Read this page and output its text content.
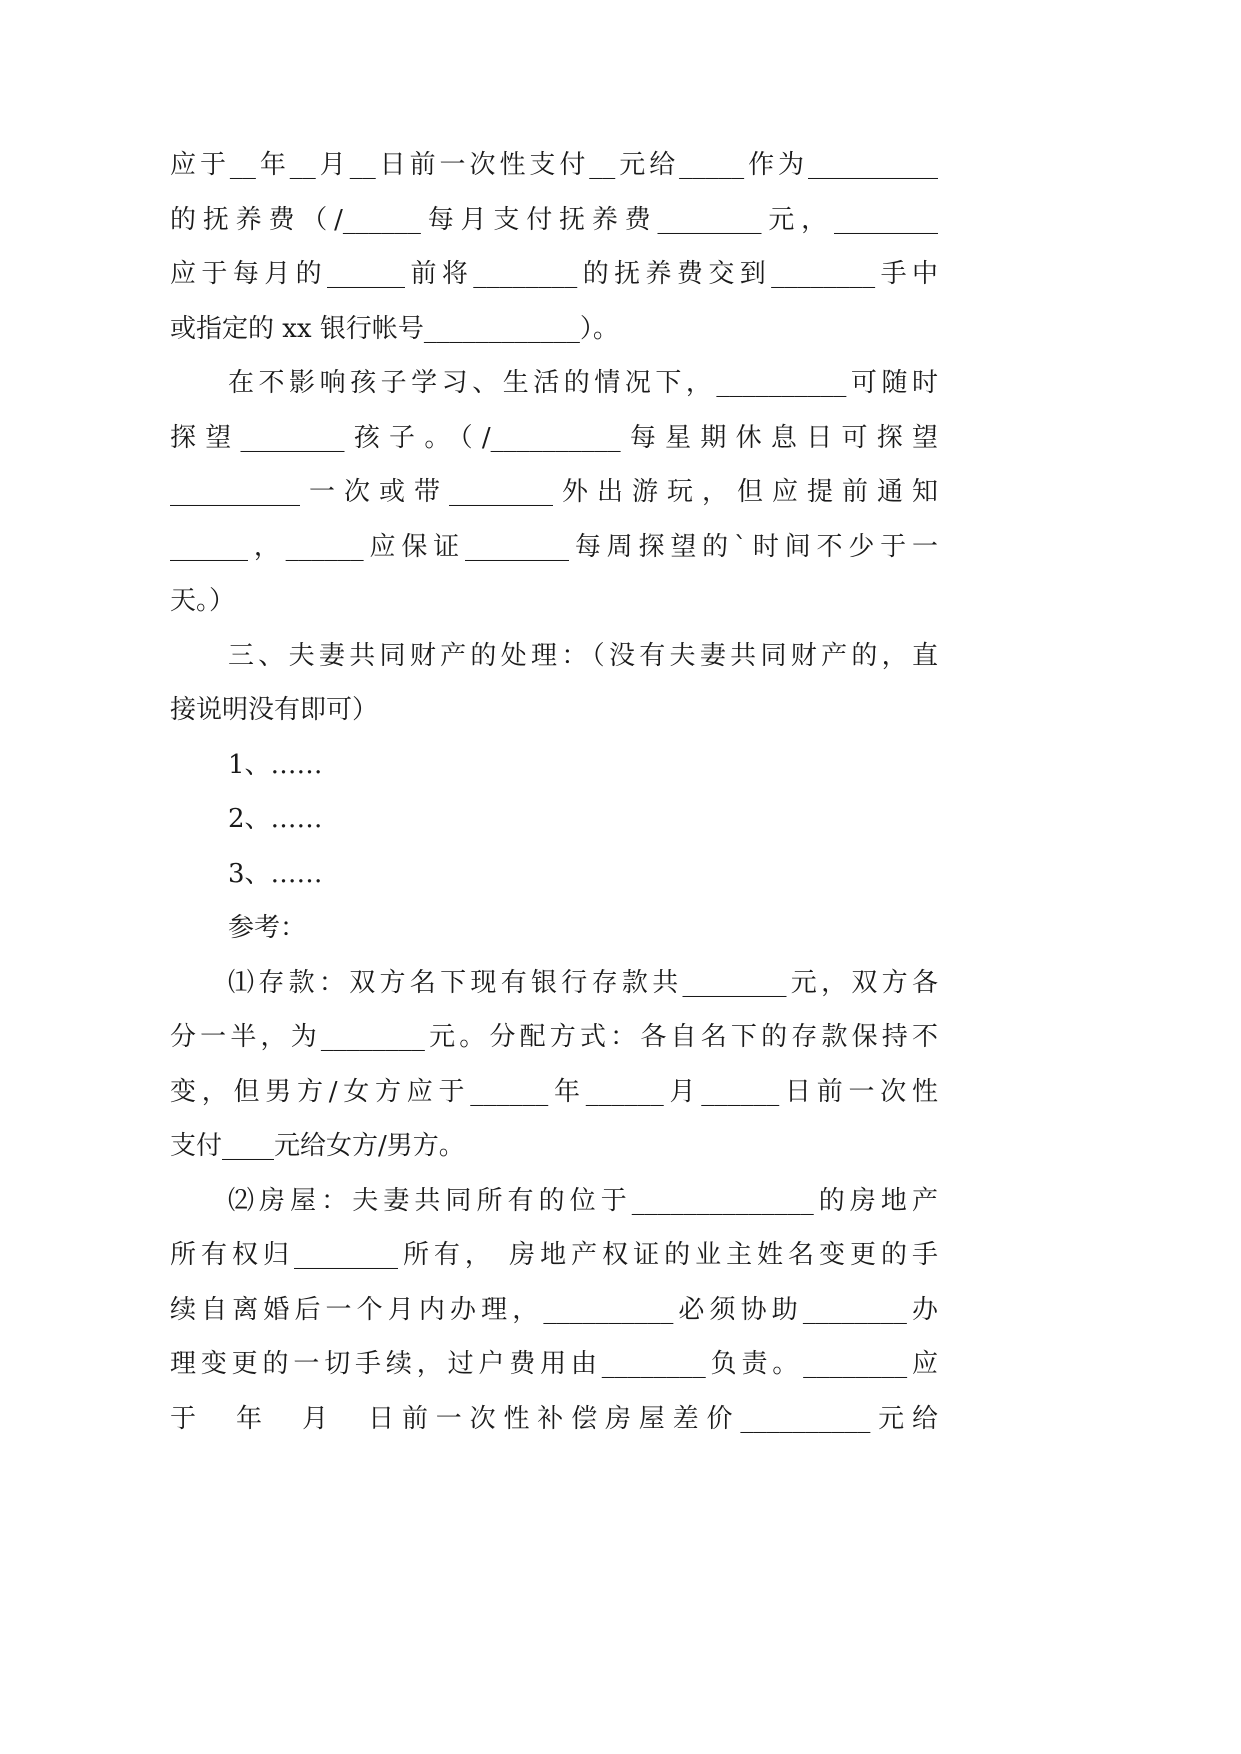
应于__年__月__日前一次性支付__元给_____作为__________
的抚养费（/______每月支付抚养费________元，________
应于每月的______前将________的抚养费交到________手中
或指定的 xx 银行帐号____________）。
在不影响孩子学习、生活的情况下，__________可随时
探望________孩子。（/__________每星期休息日可探望
__________一次或带________外出游玩，但应提前通知
______，______应保证________每周探望的`时间不少于一
天。）
三、夫妻共同财产的处理：（没有夫妻共同财产的，直
接说明没有即可）
1、……
2、……
3、……
参考：
⑴存款：双方名下现有银行存款共________元，双方各
分一半，为________元。分配方式：各自名下的存款保持不
变，但男方/女方应于______年______月______日前一次性
支付____元给女方/男方。
⑵房屋：夫妻共同所有的位于______________的房地产
所有权归________所有， 房地产权证的业主姓名变更的手
续自离婚后一个月内办理，__________必须协助________办
理变更的一切手续，过户费用由________负责。________应
于  年  月  日前一次性补偿房屋差价__________元给
